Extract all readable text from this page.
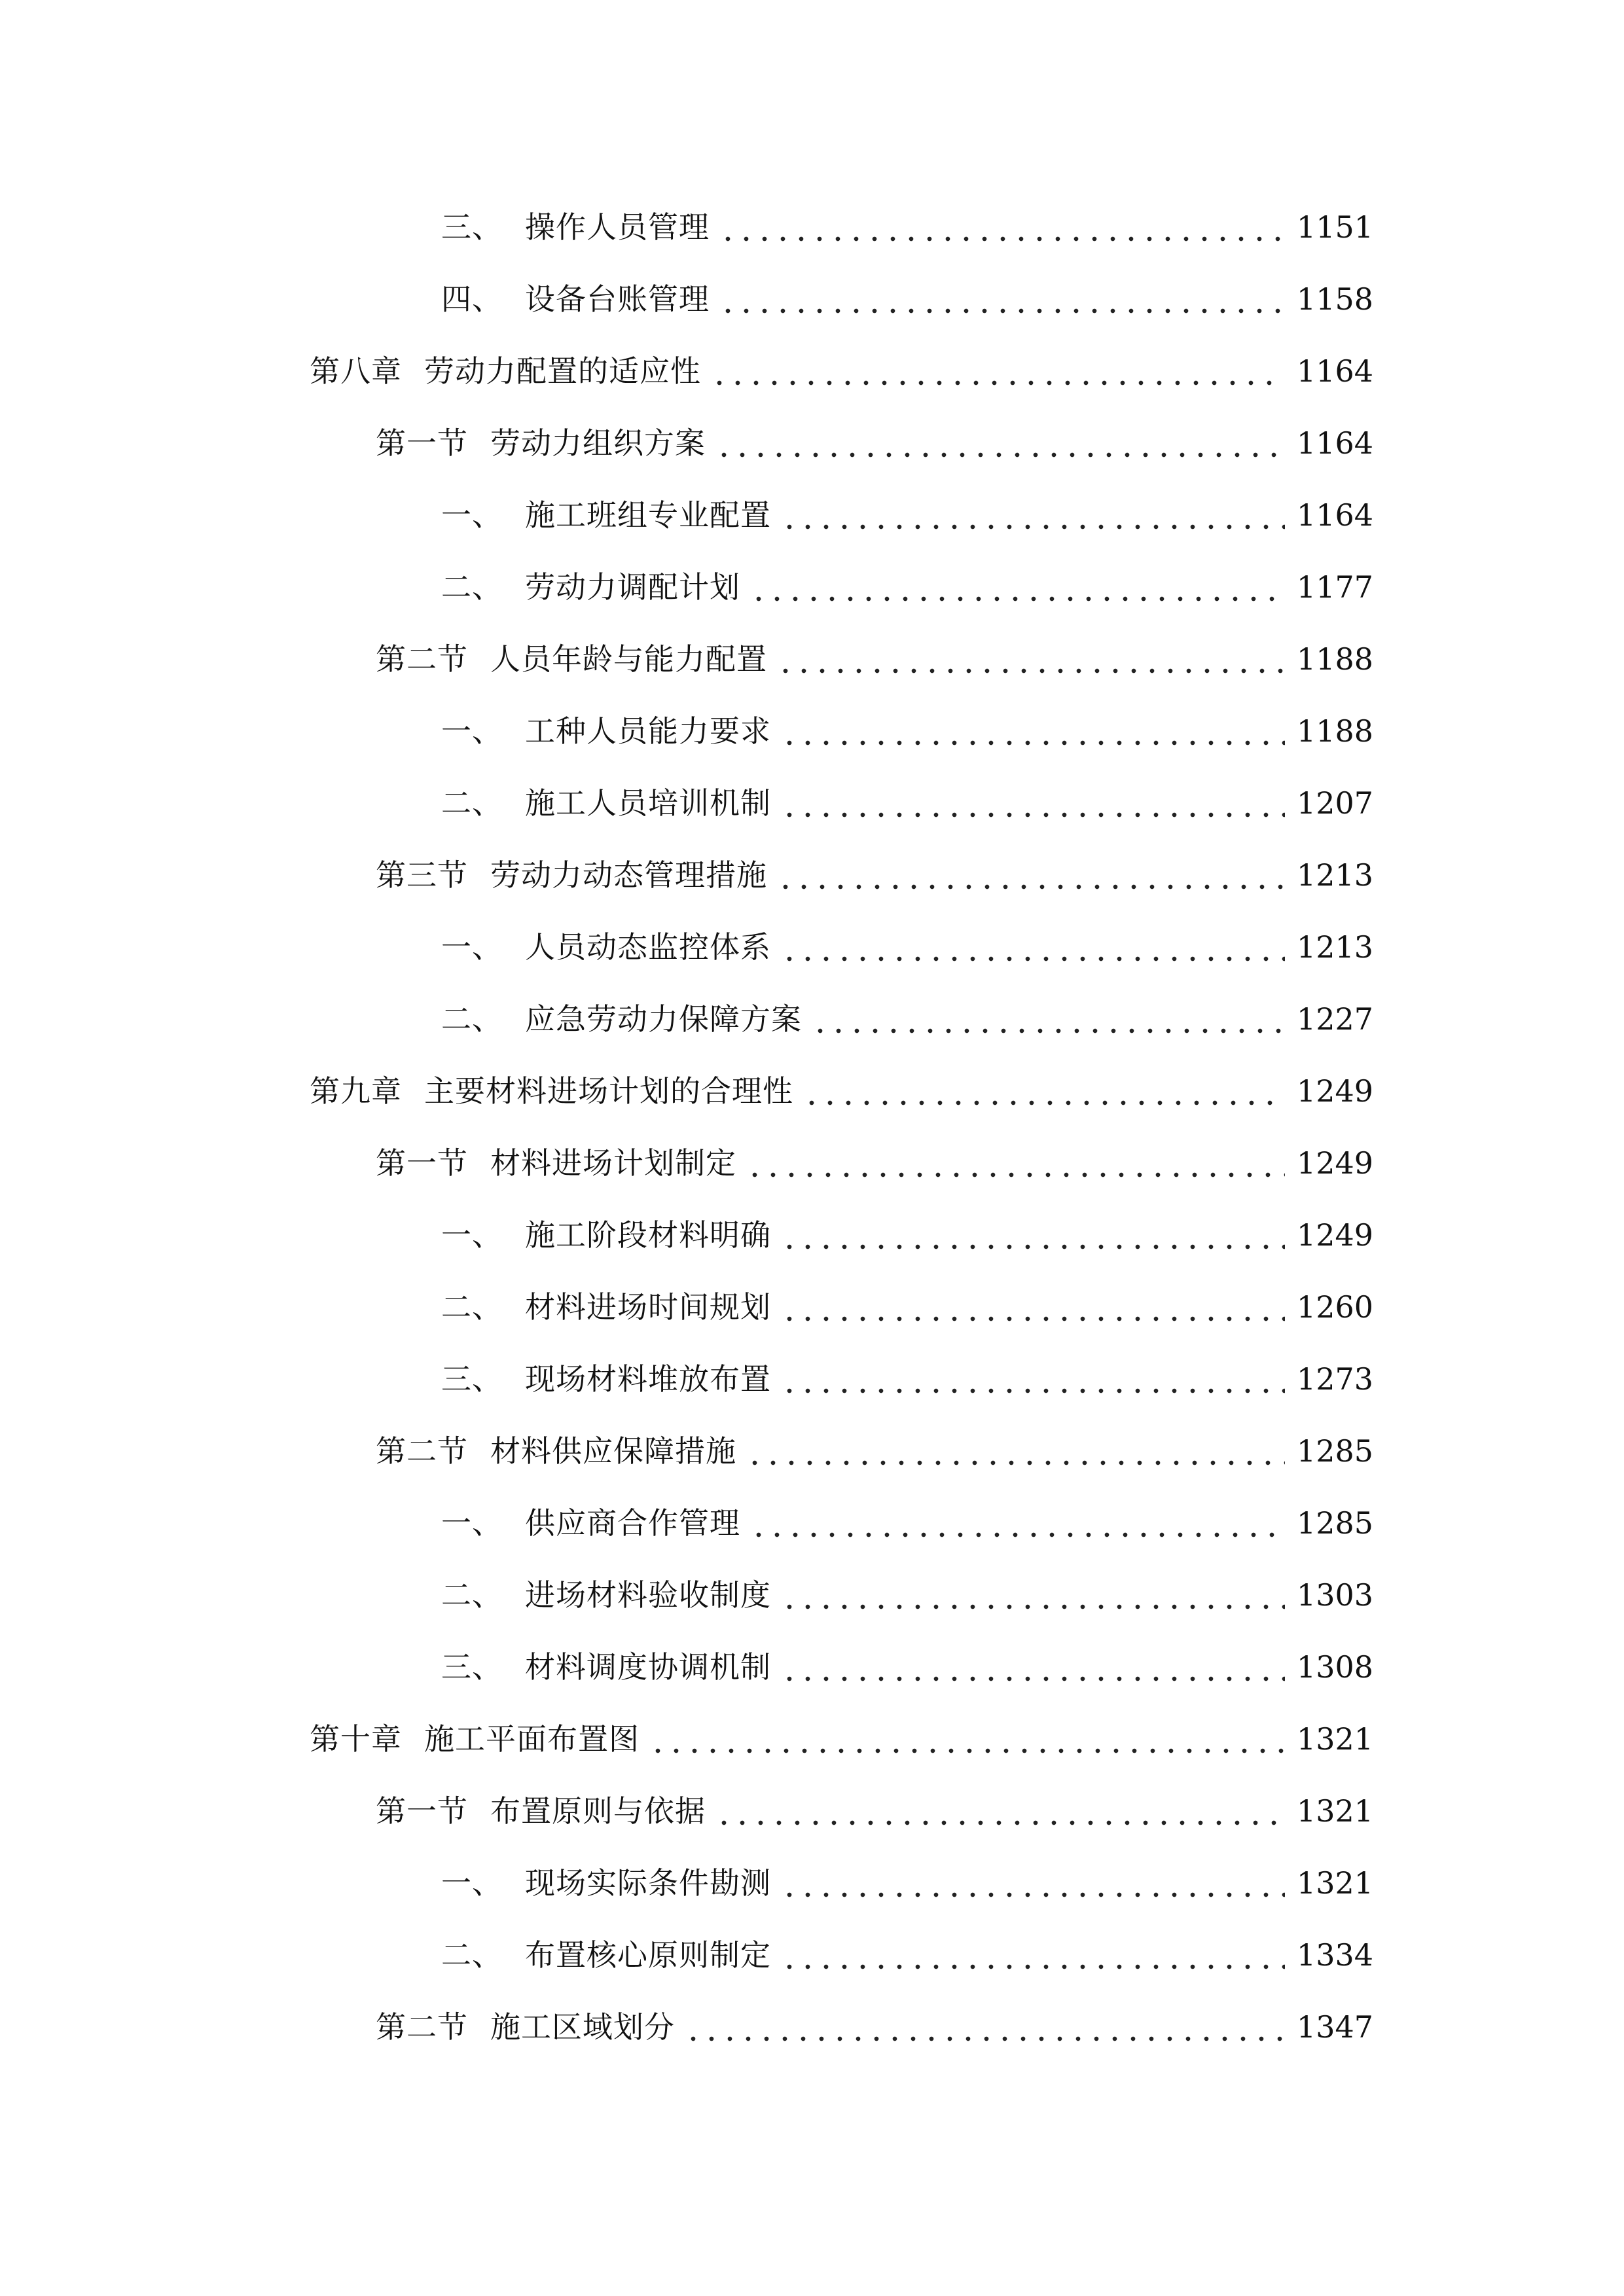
三、 操作人员管理	1151
四、 设备台账管理	1158
第八章 劳动力配置的适应性	1164
第一节 劳动力组织方案	1164
一、 施工班组专业配置	1164
二、 劳动力调配计划	1177
第二节 人员年龄与能力配置	1188
一、 工种人员能力要求	1188
二、 施工人员培训机制	1207
第三节 劳动力动态管理措施	1213
一、 人员动态监控体系	1213
二、 应急劳动力保障方案	1227
第九章 主要材料进场计划的合理性	1249
第一节 材料进场计划制定	1249
一、 施工阶段材料明确	1249
二、 材料进场时间规划	1260
三、 现场材料堆放布置	1273
第二节 材料供应保障措施	1285
一、 供应商合作管理	1285
二、 进场材料验收制度	1303
三、 材料调度协调机制	1308
第十章 施工平面布置图	1321
第一节 布置原则与依据	1321
一、 现场实际条件勘测	1321
二、 布置核心原则制定	1334
第二节 施工区域划分	1347
